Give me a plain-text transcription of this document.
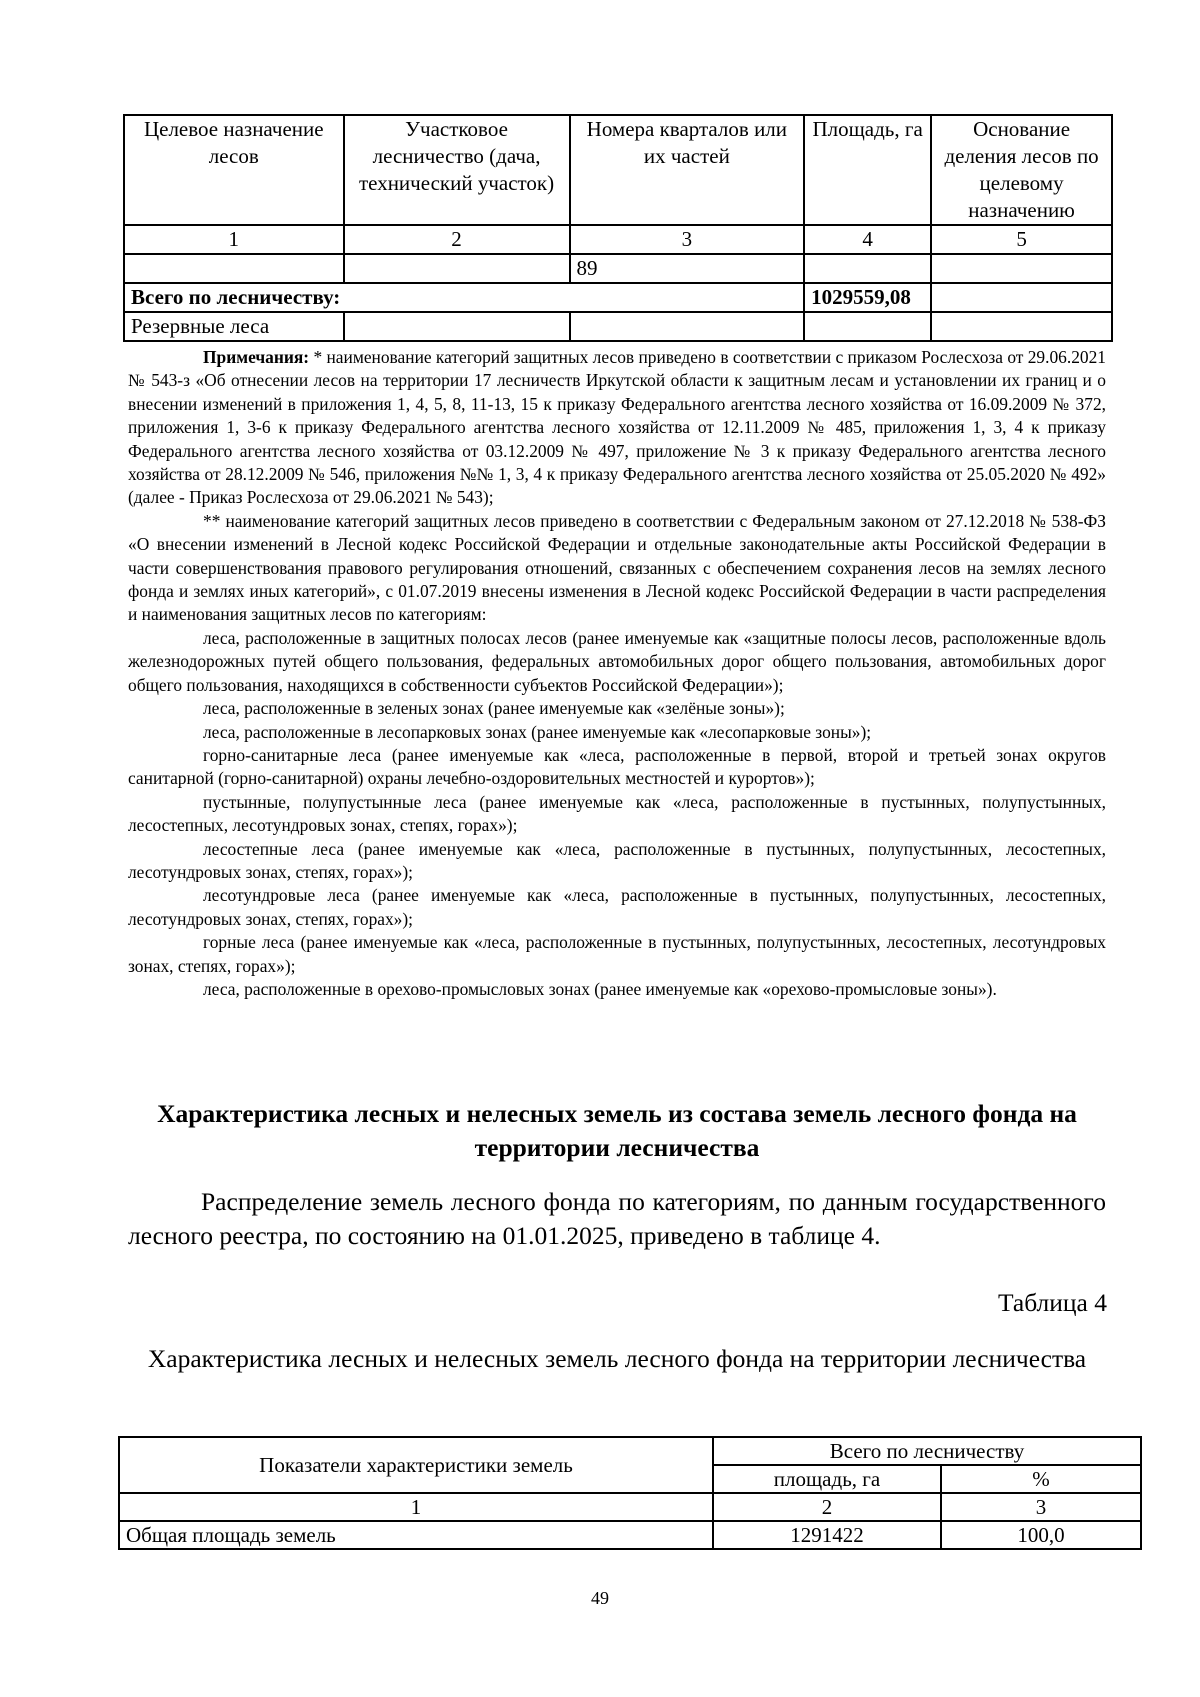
Целевое назначение лесов	Участковое лесничество (дача, технический участок)	Номера кварталов или их частей	Площадь, га	Основание деления лесов по целевому назначению
1	2	3	4	5
		89		
Всего по лесничеству:			1029559,08	
Резервные леса				

Примечания: * наименование категорий защитных лесов приведено в соответствии с приказом Рослесхоза от 29.06.2021 № 543-з «Об отнесении лесов на территории 17 лесничеств Иркутской области к защитным лесам и установлении их границ и о внесении изменений в приложения 1, 4, 5, 8, 11-13, 15 к приказу Федерального агентства лесного хозяйства от 16.09.2009 № 372, приложения 1, 3-6 к приказу Федерального агентства лесного хозяйства от 12.11.2009 № 485, приложения 1, 3, 4 к приказу Федерального агентства лесного хозяйства от 03.12.2009 № 497, приложение № 3 к приказу Федерального агентства лесного хозяйства от 28.12.2009 № 546, приложения №№ 1, 3, 4 к приказу Федерального агентства лесного хозяйства от 25.05.2020 № 492» (далее - Приказ Рослесхоза от 29.06.2021 № 543);

** наименование категорий защитных лесов приведено в соответствии с Федеральным законом от 27.12.2018 № 538-ФЗ «О внесении изменений в Лесной кодекс Российской Федерации и отдельные законодательные акты Российской Федерации в части совершенствования правового регулирования отношений, связанных с обеспечением сохранения лесов на землях лесного фонда и землях иных категорий», с 01.07.2019 внесены изменения в Лесной кодекс Российской Федерации в части распределения и наименования защитных лесов по категориям:

леса, расположенные в защитных полосах лесов (ранее именуемые как «защитные полосы лесов, расположенные вдоль железнодорожных путей общего пользования, федеральных автомобильных дорог общего пользования, автомобильных дорог общего пользования, находящихся в собственности субъектов Российской Федерации»);

леса, расположенные в зеленых зонах (ранее именуемые как «зелёные зоны»);

леса, расположенные в лесопарковых зонах (ранее именуемые как «лесопарковые зоны»);

горно-санитарные леса (ранее именуемые как «леса, расположенные в первой, второй и третьей зонах округов санитарной (горно-санитарной) охраны лечебно-оздоровительных местностей и курортов»);

пустынные, полупустынные леса (ранее именуемые как «леса, расположенные в пустынных, полупустынных, лесостепных, лесотундровых зонах, степях, горах»);

лесостепные леса (ранее именуемые как «леса, расположенные в пустынных, полупустынных, лесостепных, лесотундровых зонах, степях, горах»);

лесотундровые леса (ранее именуемые как «леса, расположенные в пустынных, полупустынных, лесостепных, лесотундровых зонах, степях, горах»);

горные леса (ранее именуемые как «леса, расположенные в пустынных, полупустынных, лесостепных, лесотундровых зонах, степях, горах»);

леса, расположенные в орехово-промысловых зонах (ранее именуемые как «орехово-промысловые зоны»).

Характеристика лесных и нелесных земель из состава земель лесного фонда на территории лесничества
Распределение земель лесного фонда по категориям, по данным государственного лесного реестра, по состоянию на 01.01.2025, приведено в таблице 4.
Таблица 4
Характеристика лесных и нелесных земель лесного фонда на территории лесничества
Показатели характеристики земель	Всего по лесничеству	
	площадь, га	%
1	2	3
Общая площадь земель	1291422	100,0
49
